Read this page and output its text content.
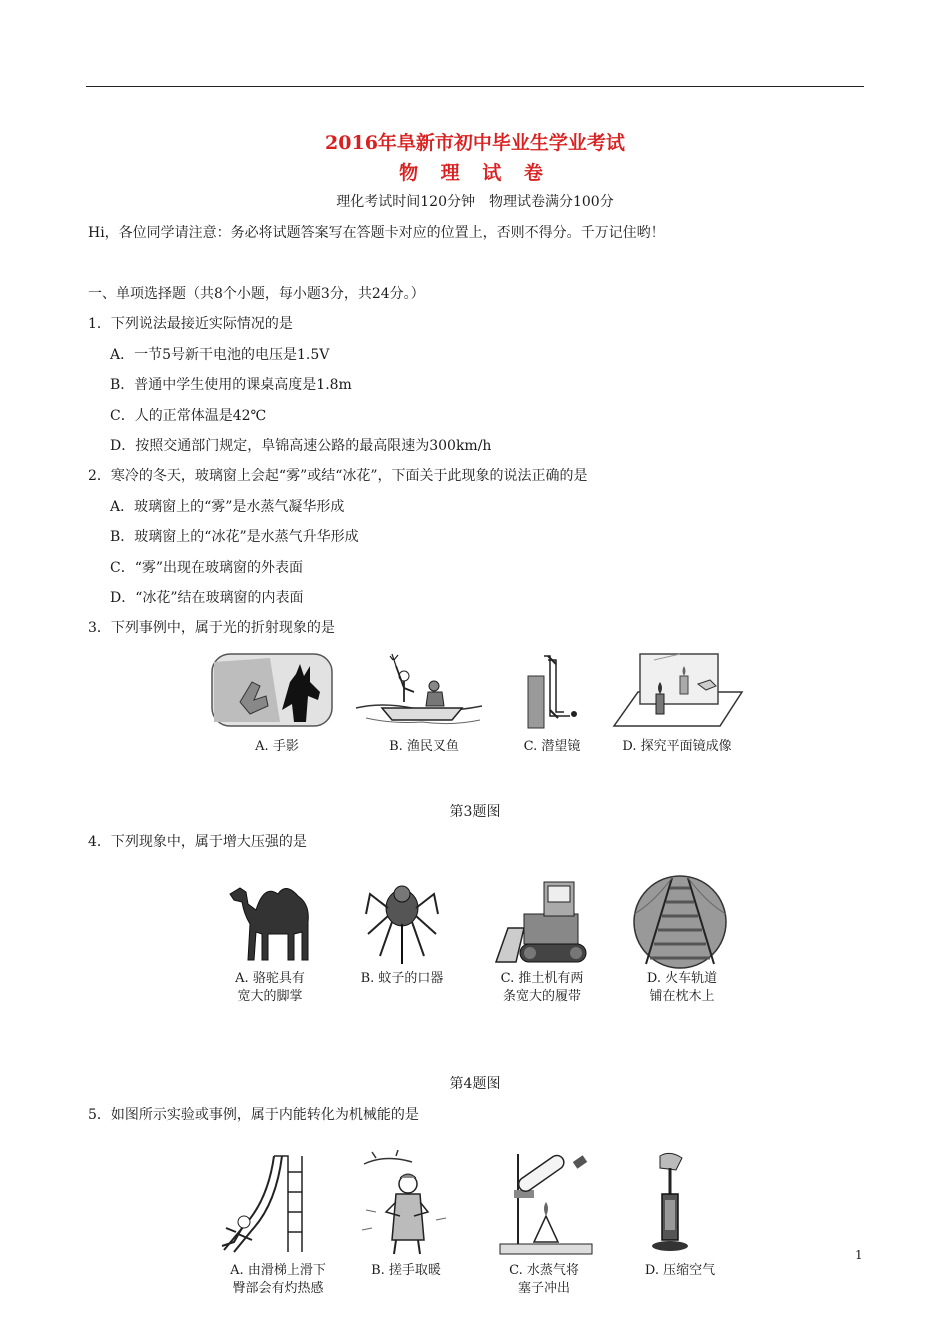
2016年阜新市初中毕业生学业考试
物 理 试 卷
理化考试时间120分钟　物理试卷满分100分
Hi，各位同学请注意：务必将试题答案写在答题卡对应的位置上，否则不得分。千万记住哟！
一、单项选择题（共8个小题，每小题3分，共24分。）
1．下列说法最接近实际情况的是
A．一节5号新干电池的电压是1.5V
B．普通中学生使用的课桌高度是1.8m
C．人的正常体温是42℃
D．按照交通部门规定，阜锦高速公路的最高限速为300km/h
2．寒冷的冬天，玻璃窗上会起“雾”或结“冰花”，下面关于此现象的说法正确的是
A．玻璃窗上的“雾”是水蒸气凝华形成
B．玻璃窗上的“冰花”是水蒸气升华形成
C．“雾”出现在玻璃窗的外表面
D．“冰花”结在玻璃窗的内表面
3．下列事例中，属于光的折射现象的是
A. 手影	B. 渔民叉鱼	C. 潜望镜	D. 探究平面镜成像
第3题图
4．下列现象中，属于增大压强的是
A. 骆驼具有
宽大的脚掌
B. 蚊子的口器	C. 推土机有两
条宽大的履带
D. 火车轨道
铺在枕木上
第4题图
5．如图所示实验或事例，属于内能转化为机械能的是
A. 由滑梯上滑下
臀部会有灼热感
B. 搓手取暖	C. 水蒸气将
塞子冲出
D. 压缩空气
1
